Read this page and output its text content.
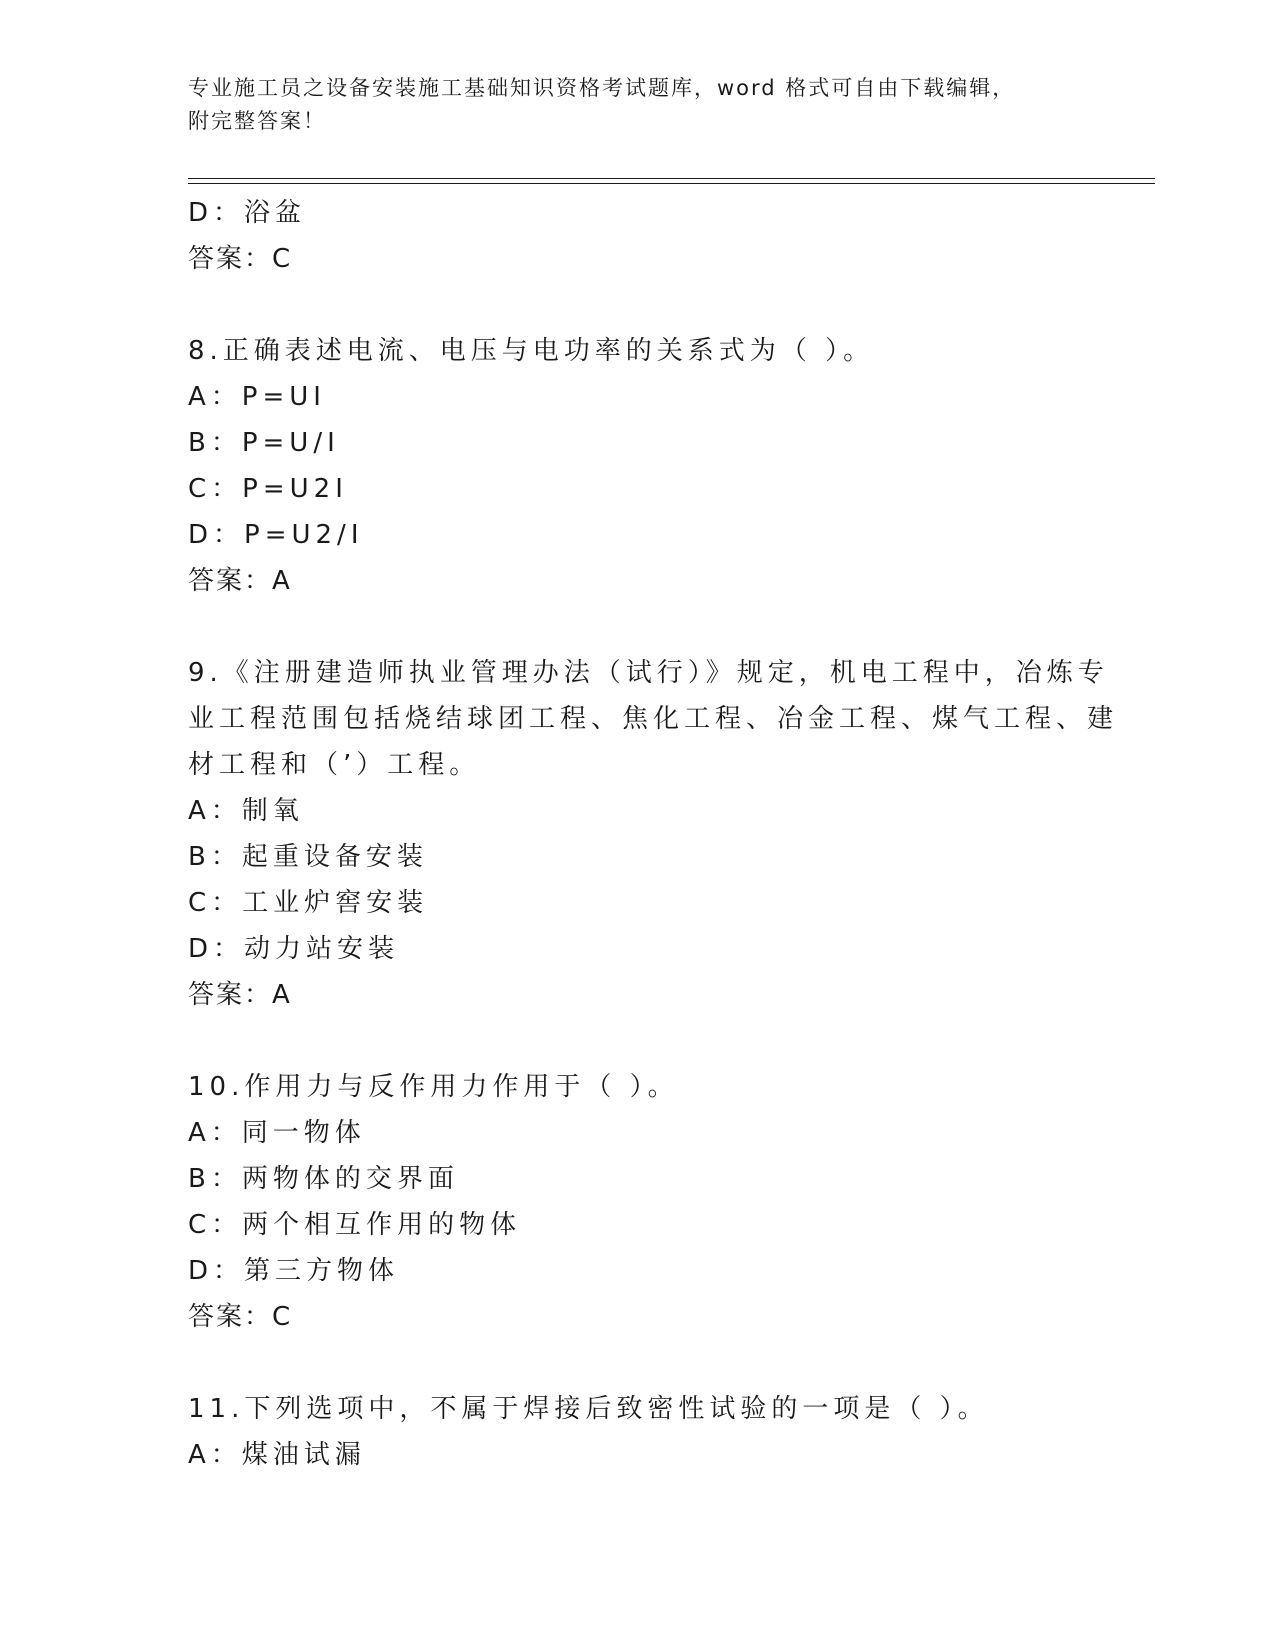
专业施工员之设备安装施工基础知识资格考试题库，word 格式可自由下载编辑，
附完整答案！
D：浴盆
答案：C
8.正确表述电流、电压与电功率的关系式为（ ）。
A：P=UI
B：P=U/I
C：P=U2I
D：P=U2/I
答案：A
9.《注册建造师执业管理办法（试行）》规定，机电工程中，冶炼专
业工程范围包括烧结球团工程、焦化工程、冶金工程、煤气工程、建
材工程和（’）工程。
A：制氧
B：起重设备安装
C：工业炉窖安装
D：动力站安装
答案：A
10.作用力与反作用力作用于（ ）。
A：同一物体
B：两物体的交界面
C：两个相互作用的物体
D：第三方物体
答案：C
11.下列选项中，不属于焊接后致密性试验的一项是（ ）。
A：煤油试漏
